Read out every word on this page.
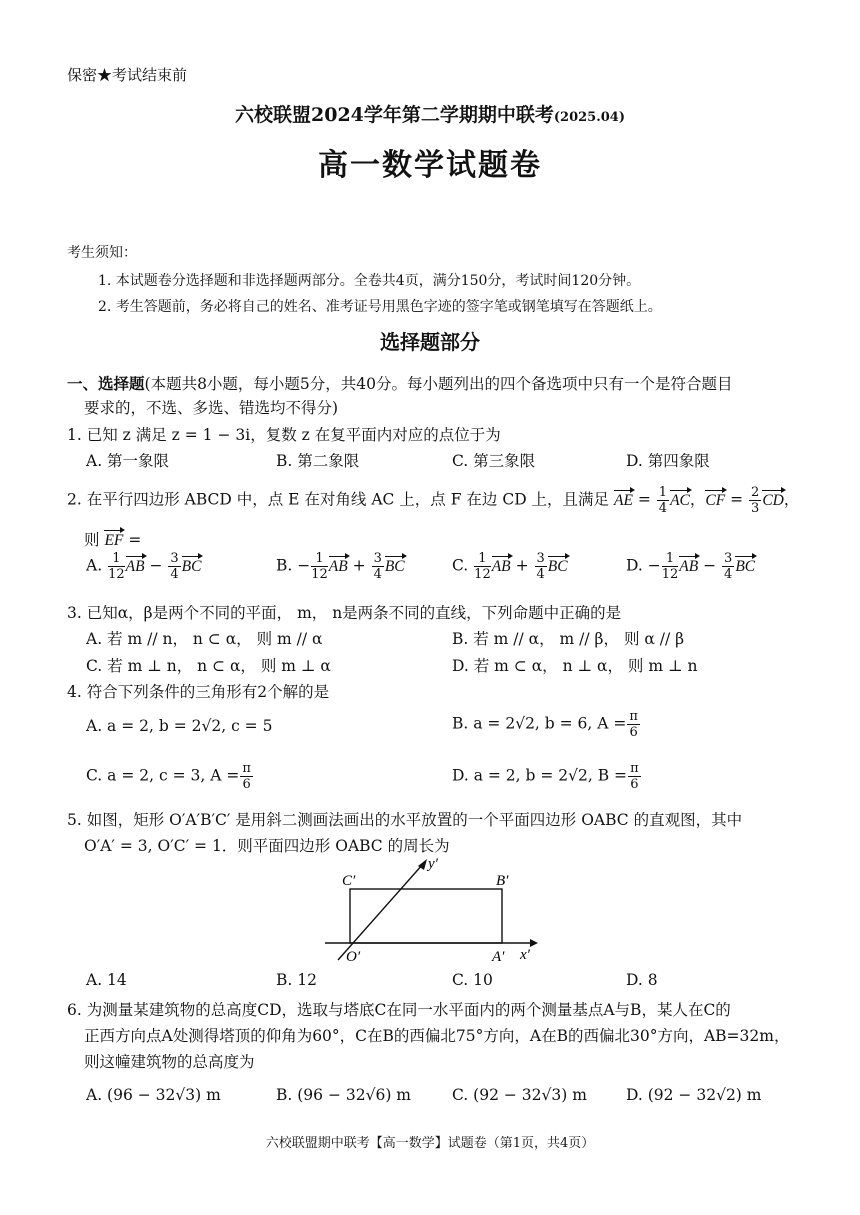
保密★考试结束前
六校联盟2024学年第二学期期中联考(2025.04)
高一数学试题卷
考生须知：
1. 本试题卷分选择题和非选择题两部分。全卷共4页，满分150分，考试时间120分钟。
2. 考生答题前，务必将自己的姓名、准考证号用黑色字迹的签字笔或钢笔填写在答题纸上。
选择题部分
一、选择题(本题共8小题，每小题5分，共40分。每小题列出的四个备选项中只有一个是符合题目
要求的，不选、多选、错选均不得分)
1. 已知 z 满足 z = 1 − 3i，复数 z 在复平面内对应的点位于为
A. 第一象限	B. 第二象限	C. 第三象限	D. 第四象限
2. 在平行四边形 ABCD 中，点 E 在对角线 AC 上，点 F 在边 CD 上，且满足 AE = $\frac{1}{4}$ AC，CF = $\frac{2}{3}$ CD，
则 EF =
A. $\frac{1}{12}$ AB − $\frac{3}{4}$ BC	B. − $\frac{1}{12}$ AB + $\frac{3}{4}$ BC	C. $\frac{1}{12}$ AB + $\frac{3}{4}$ BC	D. − $\frac{1}{12}$ AB − $\frac{3}{4}$ BC
3. 已知α，β是两个不同的平面， m， n是两条不同的直线，下列命题中正确的是
A. 若 m // n， n ⊂ α， 则 m // α	B. 若 m // α， m // β， 则 α // β
C. 若 m ⊥ n， n ⊂ α， 则 m ⊥ α	D. 若 m ⊂ α， n ⊥ α， 则 m ⊥ n
4. 符合下列条件的三角形有2个解的是
A. a = 2, b = 2√2, c = 5	B. a = 2√2, b = 6, $A = \frac{\pi}{6}$
C. a = 2, c = 3, $A = \frac{\pi}{6}$	D. a = 2, b = 2√2, $B = \frac{\pi}{6}$
5. 如图，矩形 O′A′B′C′ 是用斜二测画法画出的水平放置的一个平面四边形 OABC 的直观图，其中
O′A′ = 3, O′C′ = 1．则平面四边形 OABC 的周长为
C′	B′
O′	A′ x′
y′
A. 14	B. 12	C. 10	D. 8
6. 为测量某建筑物的总高度CD，选取与塔底C在同一水平面内的两个测量基点A与B，某人在C的
正西方向点A处测得塔顶的仰角为60°，C在B的西偏北75°方向，A在B的西偏北30°方向，AB=32m，
则这幢建筑物的总高度为
A. (96 − 32√3) m	B. (96 − 32√6) m	C. (92 − 32√3) m	D. (92 − 32√2) m
六校联盟期中联考【高一数学】试题卷（第1页，共4页）
